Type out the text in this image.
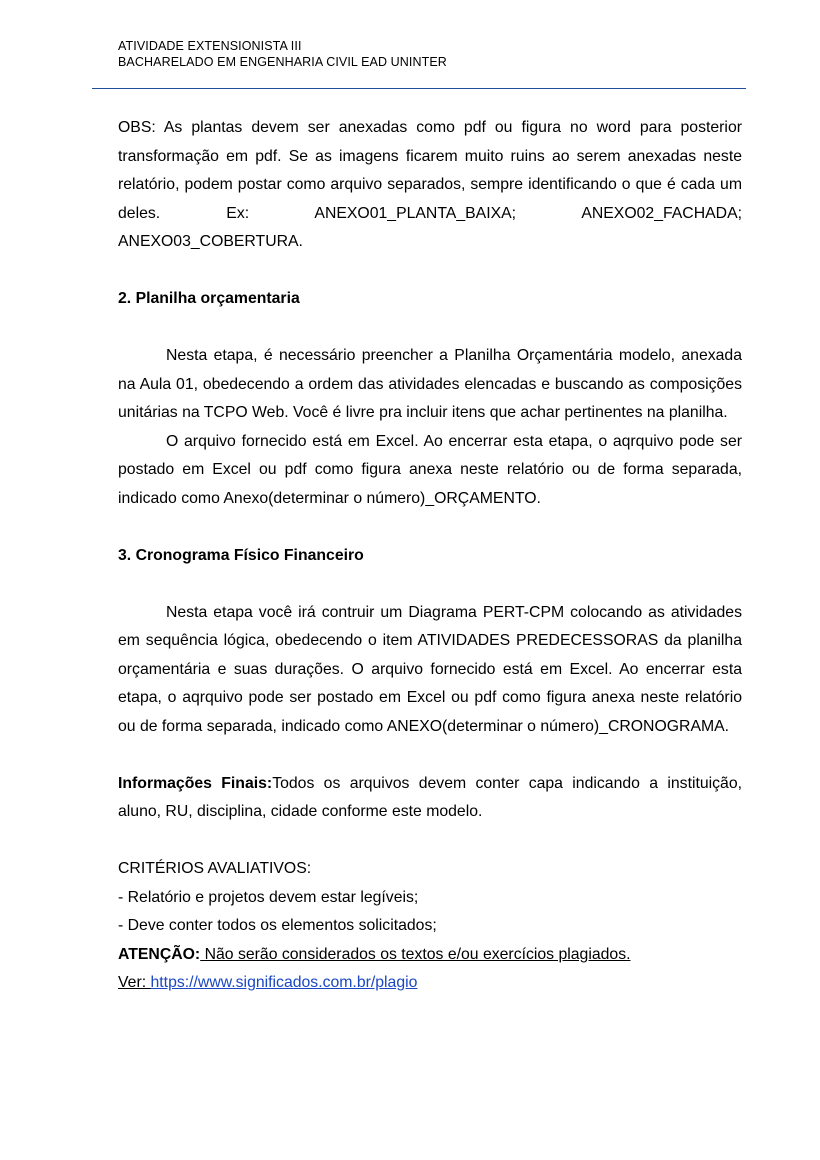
ATIVIDADE EXTENSIONISTA III
BACHARELADO EM ENGENHARIA CIVIL EAD UNINTER

OBS: As plantas devem ser anexadas como pdf ou figura no word para posterior transformação em pdf. Se as imagens ficarem muito ruins ao serem anexadas neste relatório, podem postar como arquivo separados, sempre identificando o que é cada um deles. Ex: ANEXO01_PLANTA_BAIXA; ANEXO02_FACHADA; ANEXO03_COBERTURA.

2. Planilha orçamentaria

Nesta etapa, é necessário preencher a Planilha Orçamentária modelo, anexada na Aula 01, obedecendo a ordem das atividades elencadas e buscando as composições unitárias na TCPO Web. Você é livre pra incluir itens que achar pertinentes na planilha.

O arquivo fornecido está em Excel. Ao encerrar esta etapa, o aqrquivo pode ser postado em Excel ou pdf como figura anexa neste relatório ou de forma separada, indicado como Anexo(determinar o número)_ORÇAMENTO.

3. Cronograma Físico Financeiro

Nesta etapa você irá contruir um Diagrama PERT-CPM colocando as atividades em sequência lógica, obedecendo o item ATIVIDADES PREDECESSORAS da planilha orçamentária e suas durações. O arquivo fornecido está em Excel. Ao encerrar esta etapa, o aqrquivo pode ser postado em Excel ou pdf como figura anexa neste relatório ou de forma separada, indicado como ANEXO(determinar o número)_CRONOGRAMA.

Informações Finais:Todos os arquivos devem conter capa indicando a instituição, aluno, RU, disciplina, cidade conforme este modelo.

CRITÉRIOS AVALIATIVOS:

- Relatório e projetos devem estar legíveis;

- Deve conter todos os elementos solicitados;

ATENÇÃO: Não serão considerados os textos e/ou exercícios plagiados.

Ver: https://www.significados.com.br/plagio
